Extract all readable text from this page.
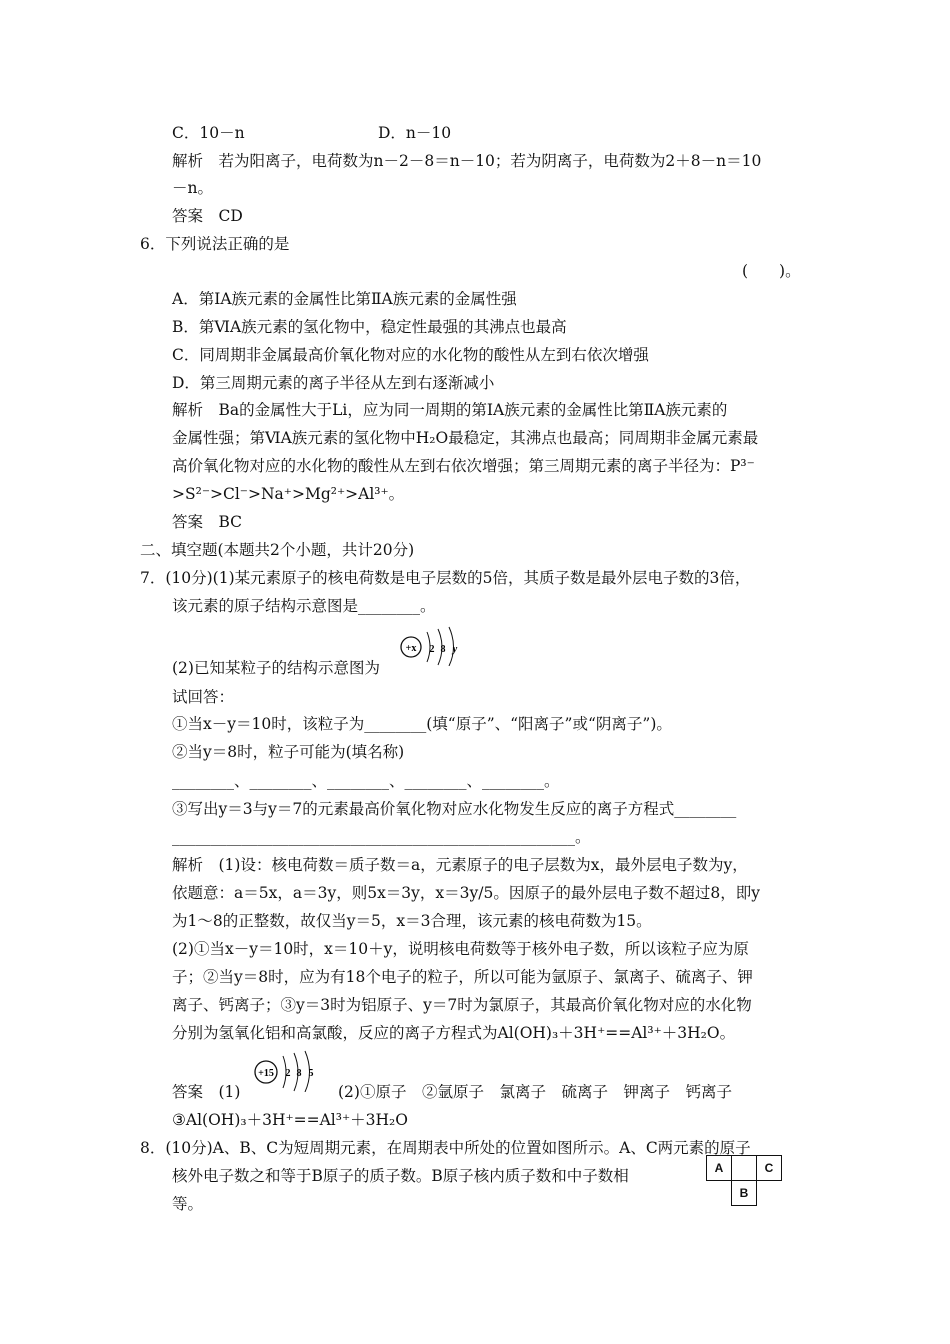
C．10－n	D．n－10
解析　若为阳离子，电荷数为n－2－8＝n－10；若为阴离子，电荷数为2＋8－n＝10
－n。
答案　CD
6．下列说法正确的是
(　　)。
A．第ⅠA族元素的金属性比第ⅡA族元素的金属性强
B．第ⅥA族元素的氢化物中，稳定性最强的其沸点也最高
C．同周期非金属最高价氧化物对应的水化物的酸性从左到右依次增强
D．第三周期元素的离子半径从左到右逐渐减小
解析　Ba的金属性大于Li，应为同一周期的第ⅠA族元素的金属性比第ⅡA族元素的
金属性强；第ⅥA族元素的氢化物中H₂O最稳定，其沸点也最高；同周期非金属元素最
高价氧化物对应的水化物的酸性从左到右依次增强；第三周期元素的离子半径为：P³⁻
>S²⁻>Cl⁻>Na⁺>Mg²⁺>Al³⁺。
答案　BC
二、填空题(本题共2个小题，共计20分)
7．(10分)(1)某元素原子的核电荷数是电子层数的5倍，其质子数是最外层电子数的3倍，
该元素的原子结构示意图是________。
(2)已知某粒子的结构示意图为
+x 2 8 y
试回答：
①当x－y＝10时，该粒子为________(填“原子”、“阳离子”或“阴离子”)。
②当y＝8时，粒子可能为(填名称)
________、________、________、________、________。
③写出y＝3与y＝7的元素最高价氧化物对应水化物发生反应的离子方程式________
____________________________________________________。
解析　(1)设：核电荷数＝质子数＝a，元素原子的电子层数为x，最外层电子数为y，
依题意：a＝5x，a＝3y，则5x＝3y，x＝3y/5。因原子的最外层电子数不超过8，即y
为1～8的正整数，故仅当y＝5，x＝3合理，该元素的核电荷数为15。
(2)①当x－y＝10时，x＝10＋y，说明核电荷数等于核外电子数，所以该粒子应为原
子；②当y＝8时，应为有18个电子的粒子，所以可能为氩原子、氯离子、硫离子、钾
离子、钙离子；③y＝3时为铝原子、y＝7时为氯原子，其最高价氧化物对应的水化物
分别为氢氧化铝和高氯酸，反应的离子方程式为Al(OH)₃＋3H⁺==Al³⁺＋3H₂O。
答案　(1)
+15 2 8 5
(2)①原子　②氩原子　氯离子　硫离子　钾离子　钙离子
③Al(OH)₃＋3H⁺==Al³⁺＋3H₂O
8．(10分)A、B、C为短周期元素，在周期表中所处的位置如图所示。A、C两元素的原子
核外电子数之和等于B原子的质子数。B原子核内质子数和中子数相
等。
A	C
B
